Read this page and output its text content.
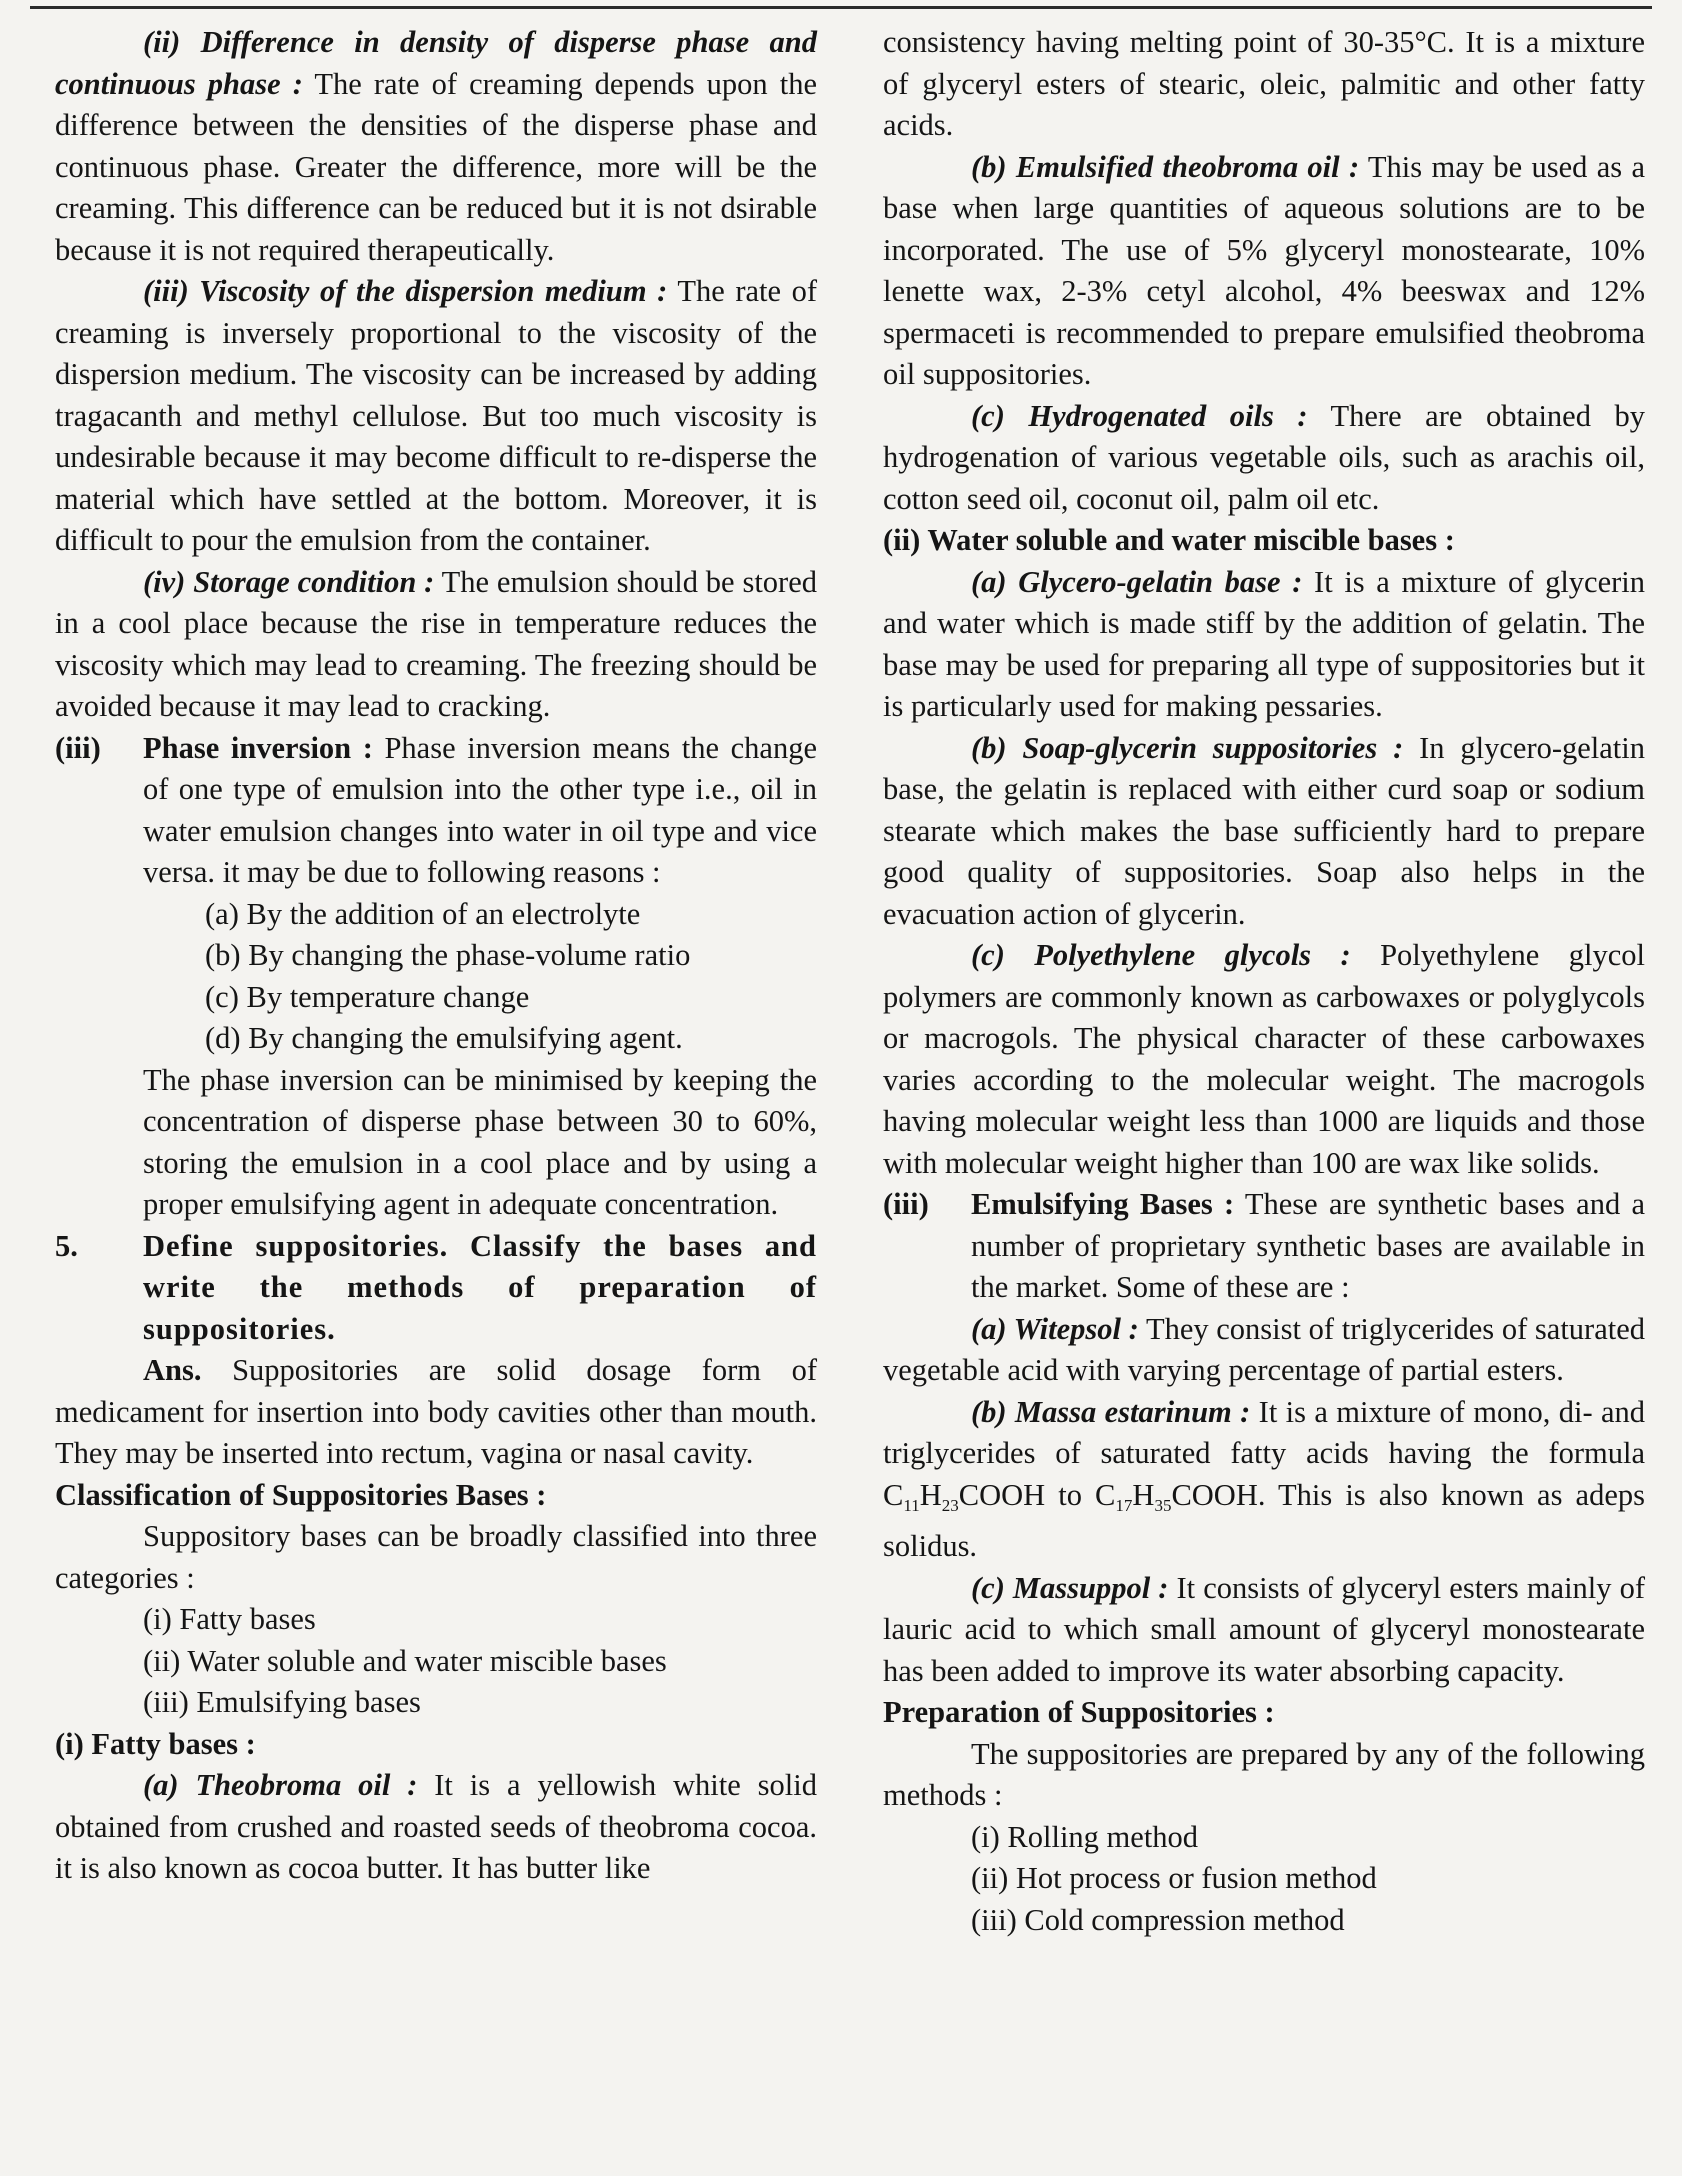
(ii) Difference in density of disperse phase and continuous phase : The rate of creaming depends upon the difference between the densities of the disperse phase and continuous phase. Greater the difference, more will be the creaming. This difference can be reduced but it is not dsirable because it is not required therapeutically.

(iii) Viscosity of the dispersion medium : The rate of creaming is inversely proportional to the viscosity of the dispersion medium. The viscosity can be increased by adding tragacanth and methyl cellulose. But too much viscosity is undesirable because it may become difficult to re-disperse the material which have settled at the bottom. Moreover, it is difficult to pour the emulsion from the container.

(iv) Storage condition : The emulsion should be stored in a cool place because the rise in temperature reduces the viscosity which may lead to creaming. The freezing should be avoided because it may lead to cracking.

(iii)	Phase inversion : Phase inversion means the change of one type of emulsion into the other type i.e., oil in water emulsion changes into water in oil type and vice versa. it may be due to following reasons :

(a) By the addition of an electrolyte
(b) By changing the phase-volume ratio
(c) By temperature change
(d) By changing the emulsifying agent.

The phase inversion can be minimised by keeping the concentration of disperse phase between 30 to 60%, storing the emulsion in a cool place and by using a proper emulsifying agent in adequate concentration.

5.	Define suppositories. Classify the bases and write the methods of preparation of suppositories.

Ans. Suppositories are solid dosage form of medicament for insertion into body cavities other than mouth. They may be inserted into rectum, vagina or nasal cavity.

Classification of Suppositories Bases :

Suppository bases can be broadly classified into three categories :

(i) Fatty bases
(ii) Water soluble and water miscible bases
(iii) Emulsifying bases

(i) Fatty bases :

(a) Theobroma oil : It is a yellowish white solid obtained from crushed and roasted seeds of theobroma cocoa. it is also known as cocoa butter. It has butter like

consistency having melting point of 30-35°C. It is a mixture of glyceryl esters of stearic, oleic, palmitic and other fatty acids.

(b) Emulsified theobroma oil : This may be used as a base when large quantities of aqueous solutions are to be incorporated. The use of 5% glyceryl monostearate, 10% lenette wax, 2-3% cetyl alcohol, 4% beeswax and 12% spermaceti is recommended to prepare emulsified theobroma oil suppositories.

(c) Hydrogenated oils : There are obtained by hydrogenation of various vegetable oils, such as arachis oil, cotton seed oil, coconut oil, palm oil etc.

(ii) Water soluble and water miscible bases :

(a) Glycero-gelatin base : It is a mixture of glycerin and water which is made stiff by the addition of gelatin. The base may be used for preparing all type of suppositories but it is particularly used for making pessaries.

(b) Soap-glycerin suppositories : In glycero-gelatin base, the gelatin is replaced with either curd soap or sodium stearate which makes the base sufficiently hard to prepare good quality of suppositories. Soap also helps in the evacuation action of glycerin.

(c) Polyethylene glycols : Polyethylene glycol polymers are commonly known as carbowaxes or polyglycols or macrogols. The physical character of these carbowaxes varies according to the molecular weight. The macrogols having molecular weight less than 1000 are liquids and those with molecular weight higher than 100 are wax like solids.

(iii)	Emulsifying Bases : These are synthetic bases and a number of proprietary synthetic bases are available in the market. Some of these are :

(a) Witepsol : They consist of triglycerides of saturated vegetable acid with varying percentage of partial esters.

(b) Massa estarinum : It is a mixture of mono, di- and triglycerides of saturated fatty acids having the formula $C_{11}H_{23}COOH$ to $C_{17}H_{35}COOH$. This is also known as adeps solidus.

(c) Massuppol : It consists of glyceryl esters mainly of lauric acid to which small amount of glyceryl monostearate has been added to improve its water absorbing capacity.

Preparation of Suppositories :

The suppositories are prepared by any of the following methods :

(i) Rolling method
(ii) Hot process or fusion method
(iii) Cold compression method
